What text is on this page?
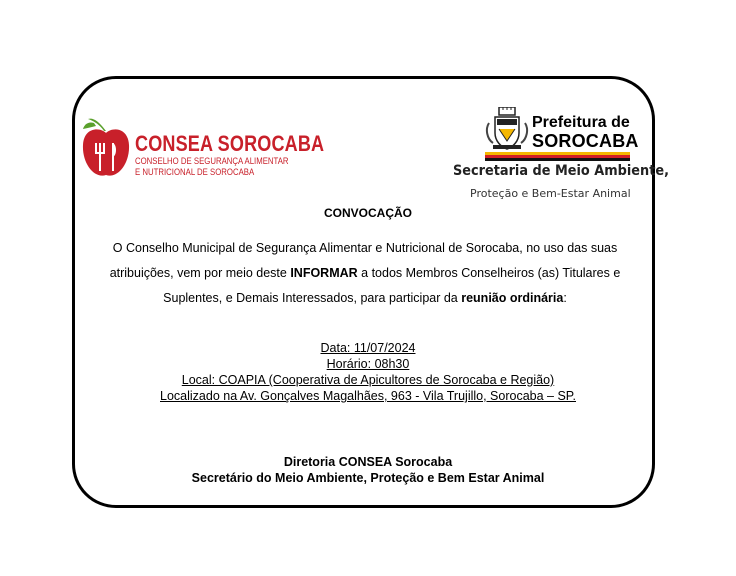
CONSEA SOROCABA
CONSELHO DE SEGURANÇA ALIMENTAR
E NUTRICIONAL DE SOROCABA
Prefeitura de
SOROCABA
Secretaria de Meio Ambiente,
Proteção e Bem-Estar Animal
CONVOCAÇÃO
O Conselho Municipal de Segurança Alimentar e Nutricional de Sorocaba, no uso das suas atribuições, vem por meio deste INFORMAR a todos Membros Conselheiros (as) Titulares e Suplentes, e Demais Interessados, para participar da reunião ordinária:
Data: 11/07/2024
Horário: 08h30
Local: COAPIA (Cooperativa de Apicultores de Sorocaba e Região)
Localizado na Av. Gonçalves Magalhães, 963 - Vila Trujillo, Sorocaba – SP.
Diretoria CONSEA Sorocaba
Secretário do Meio Ambiente, Proteção e Bem Estar Animal
